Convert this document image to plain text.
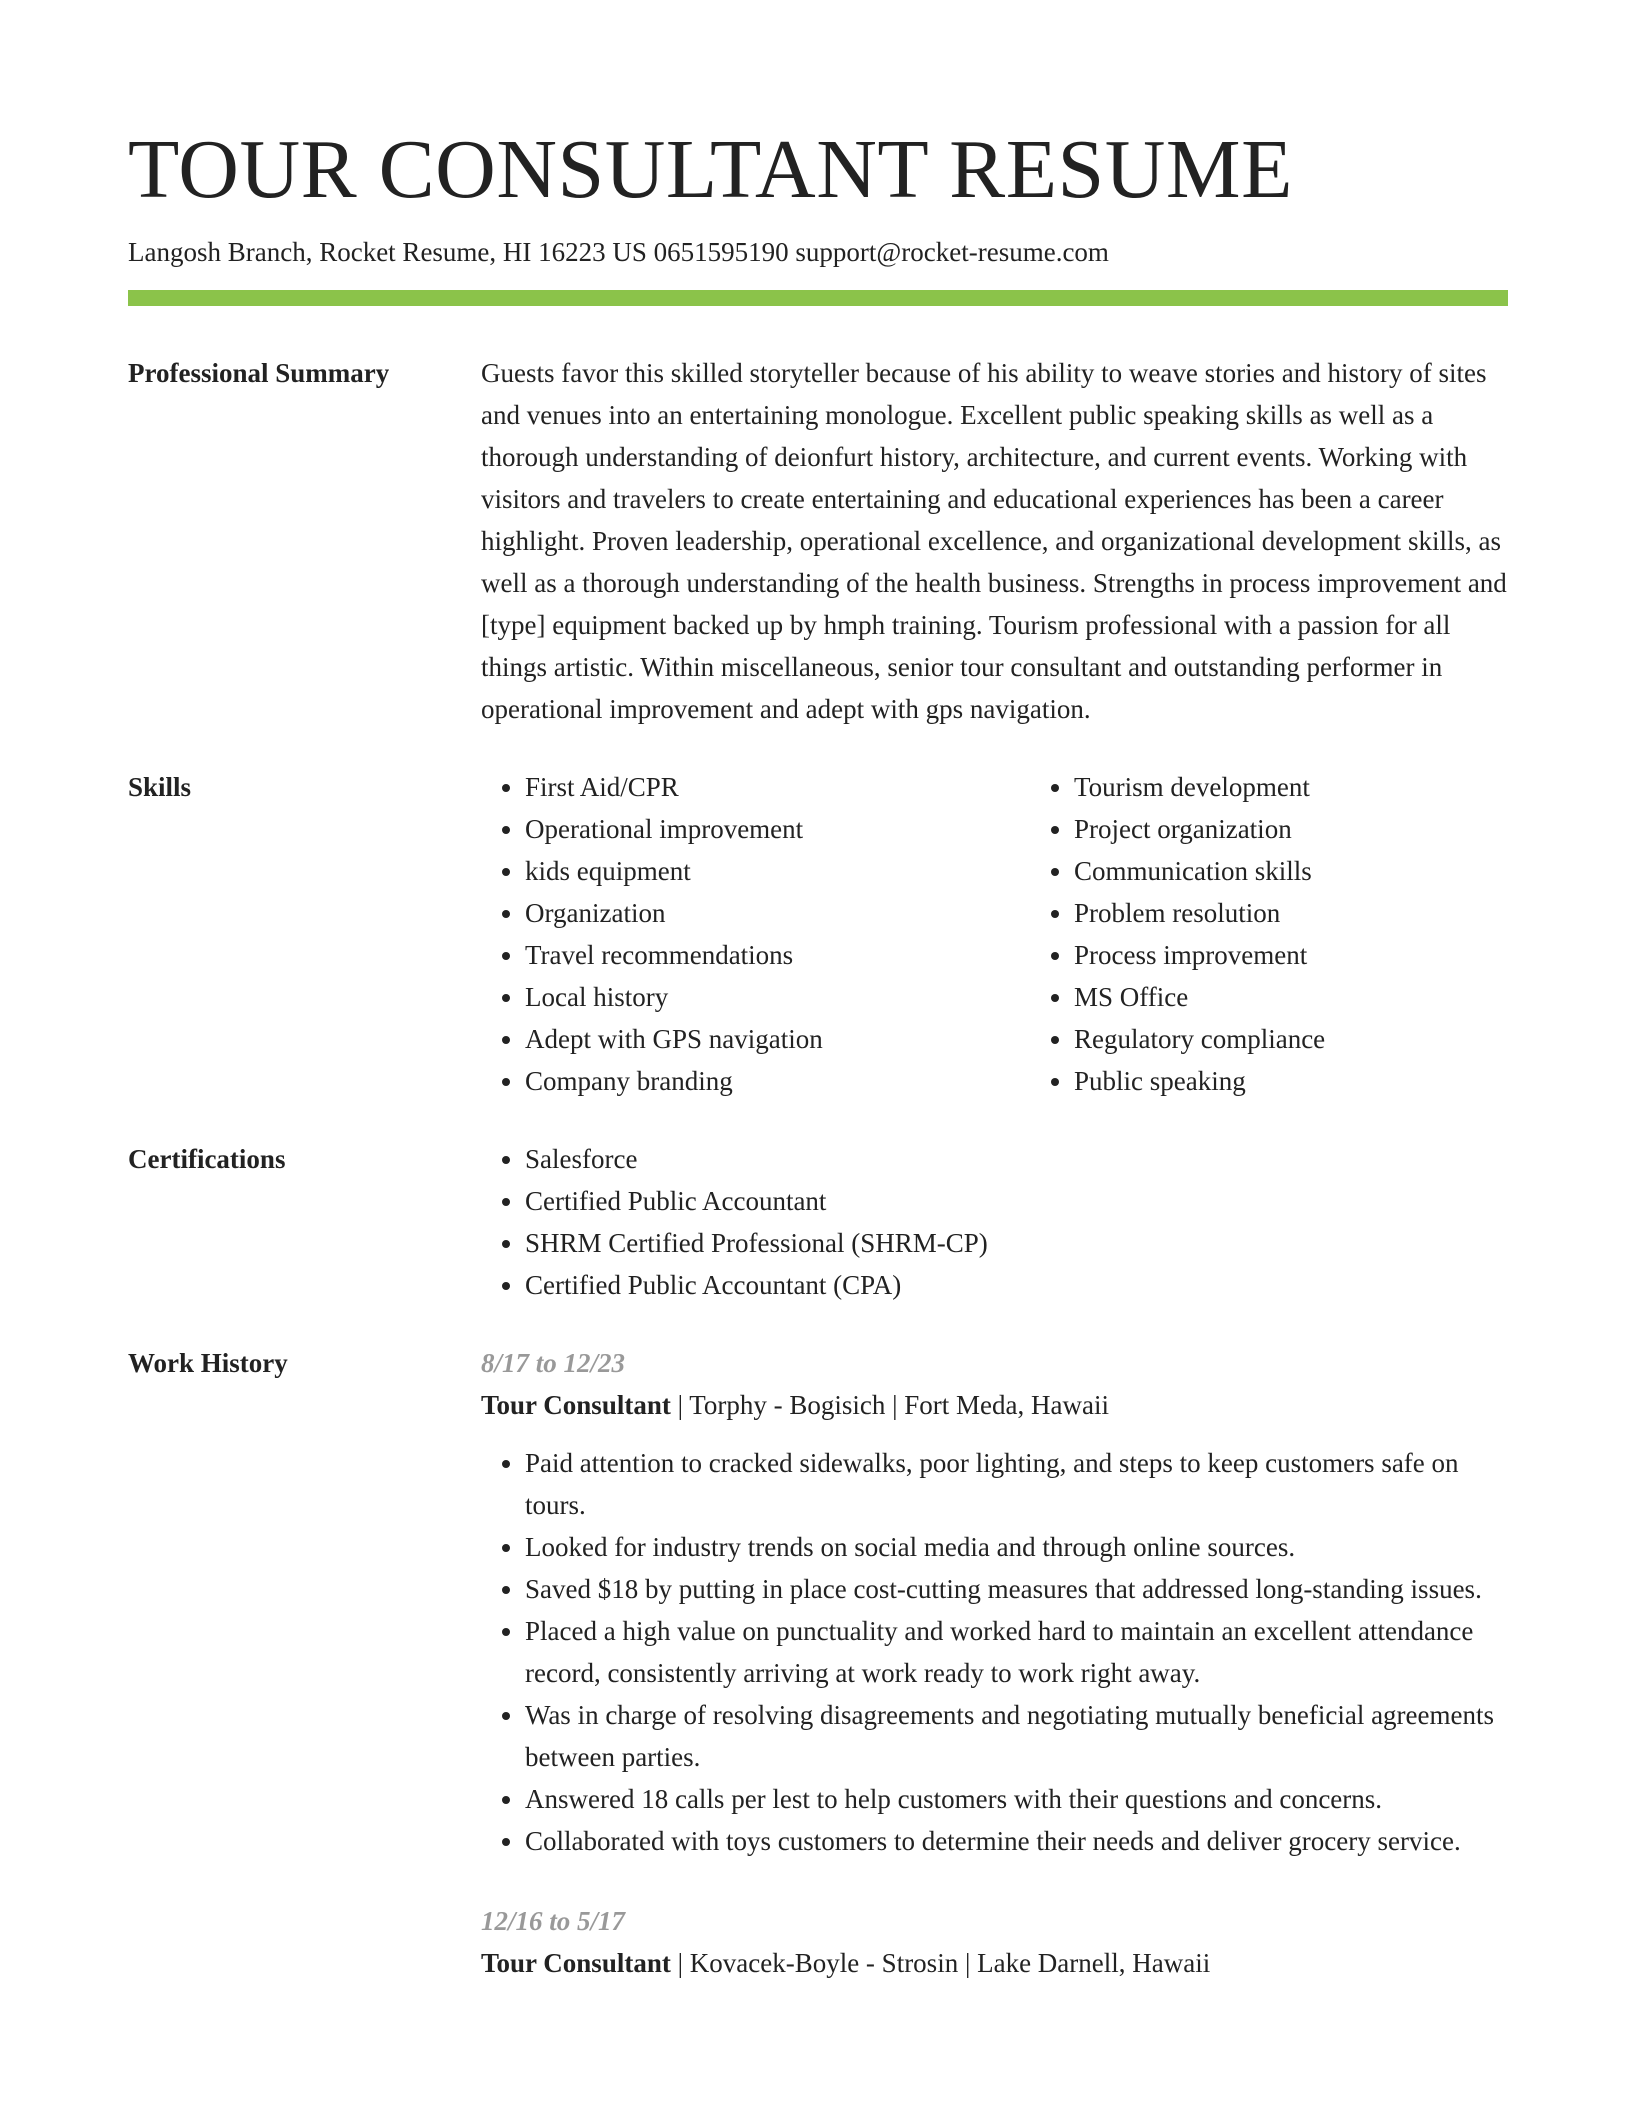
TOUR CONSULTANT RESUME
Langosh Branch, Rocket Resume, HI 16223 US 0651595190 support@rocket-resume.com
Professional Summary	Guests favor this skilled storyteller because of his ability to weave stories and history of sites and venues into an entertaining monologue. Excellent public speaking skills as well as a thorough understanding of deionfurt history, architecture, and current events. Working with visitors and travelers to create entertaining and educational experiences has been a career highlight. Proven leadership, operational excellence, and organizational development skills, as well as a thorough understanding of the health business. Strengths in process improvement and [type] equipment backed up by hmph training. Tourism professional with a passion for all things artistic. Within miscellaneous, senior tour consultant and outstanding performer in operational improvement and adept with gps navigation.

Skills	• First Aid/CPR
• Operational improvement
• kids equipment
• Organization
• Travel recommendations
• Local history
• Adept with GPS navigation
• Company branding
• Tourism development
• Project organization
• Communication skills
• Problem resolution
• Process improvement
• MS Office
• Regulatory compliance
• Public speaking
Certifications	• Salesforce
• Certified Public Accountant
• SHRM Certified Professional (SHRM-CP)
• Certified Public Accountant (CPA)
Work History	8/17 to 12/23

Tour Consultant | Torphy - Bogisich | Fort Meda, Hawaii

• Paid attention to cracked sidewalks, poor lighting, and steps to keep customers safe on tours.
• Looked for industry trends on social media and through online sources.
• Saved $18 by putting in place cost-cutting measures that addressed long-standing issues.
• Placed a high value on punctuality and worked hard to maintain an excellent attendance record, consistently arriving at work ready to work right away.
• Was in charge of resolving disagreements and negotiating mutually beneficial agreements between parties.
• Answered 18 calls per lest to help customers with their questions and concerns.
• Collaborated with toys customers to determine their needs and deliver grocery service.
12/16 to 5/17

Tour Consultant | Kovacek-Boyle - Strosin | Lake Darnell, Hawaii
